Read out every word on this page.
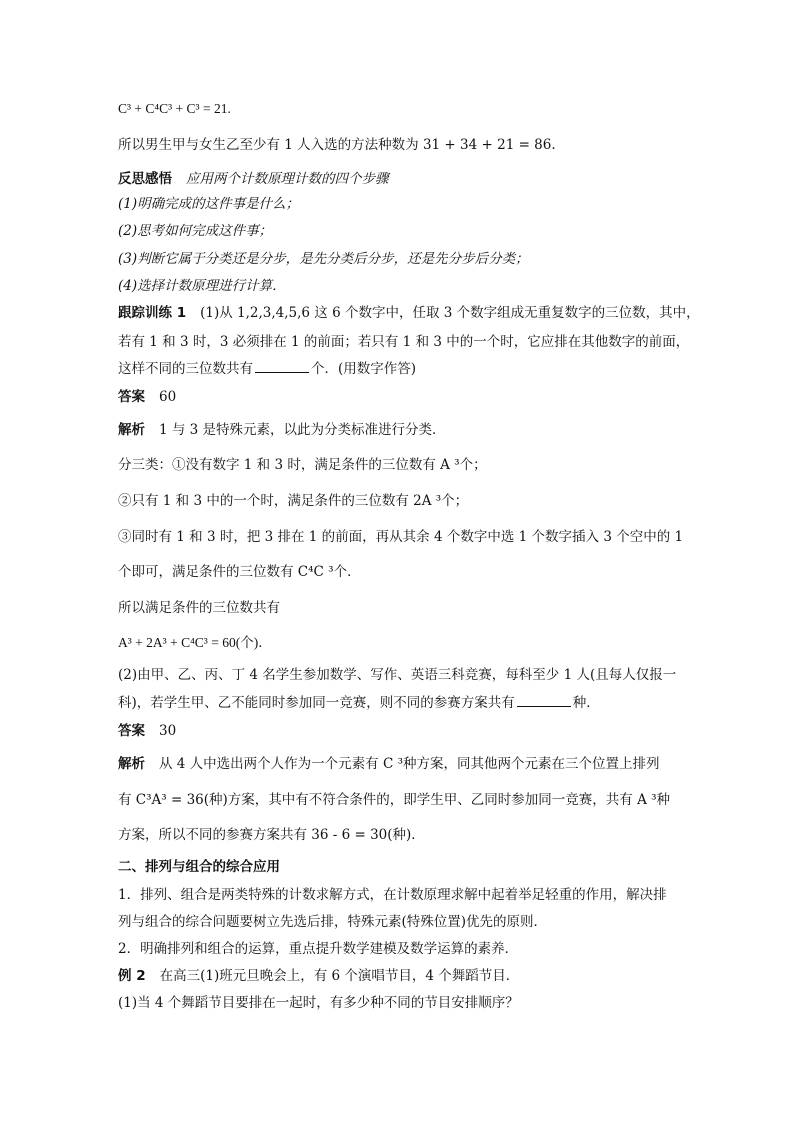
C³ + C⁴C³ + C³ = 21.
所以男生甲与女生乙至少有 1 人入选的方法种数为 31 + 34 + 21 = 86.
反思感悟 应用两个计数原理计数的四个步骤
(1)明确完成的这件事是什么；
(2)思考如何完成这件事；
(3)判断它属于分类还是分步，是先分类后分步，还是先分步后分类；
(4)选择计数原理进行计算．
跟踪训练 1 (1)从 1,2,3,4,5,6 这 6 个数字中，任取 3 个数字组成无重复数字的三位数，其中，
若有 1 和 3 时，3 必须排在 1 的前面；若只有 1 和 3 中的一个时，它应排在其他数字的前面，
这样不同的三位数共有	个．(用数字作答)
答案 60
解析 1 与 3 是特殊元素，以此为分类标准进行分类．
分三类：①没有数字 1 和 3 时，满足条件的三位数有 A ³个；
②只有 1 和 3 中的一个时，满足条件的三位数有 2A ³个；
③同时有 1 和 3 时，把 3 排在 1 的前面，再从其余 4 个数字中选 1 个数字插入 3 个空中的 1
个即可，满足条件的三位数有 C⁴C ³个．
所以满足条件的三位数共有
A³ + 2A³ + C⁴C³ = 60(个)．
(2)由甲、乙、丙、丁 4 名学生参加数学、写作、英语三科竞赛，每科至少 1 人(且每人仅报一
科)，若学生甲、乙不能同时参加同一竞赛，则不同的参赛方案共有	种．
答案 30
解析 从 4 人中选出两个人作为一个元素有 C ³种方案，同其他两个元素在三个位置上排列
有 C³A³ = 36(种)方案，其中有不符合条件的，即学生甲、乙同时参加同一竞赛，共有 A ³种
方案，所以不同的参赛方案共有 36 - 6 = 30(种)．
二、排列与组合的综合应用
1．排列、组合是两类特殊的计数求解方式，在计数原理求解中起着举足轻重的作用，解决排
列与组合的综合问题要树立先选后排，特殊元素(特殊位置)优先的原则．
2．明确排列和组合的运算，重点提升数学建模及数学运算的素养．
例 2 在高三(1)班元旦晚会上，有 6 个演唱节目，4 个舞蹈节目．
(1)当 4 个舞蹈节目要排在一起时，有多少种不同的节目安排顺序？
